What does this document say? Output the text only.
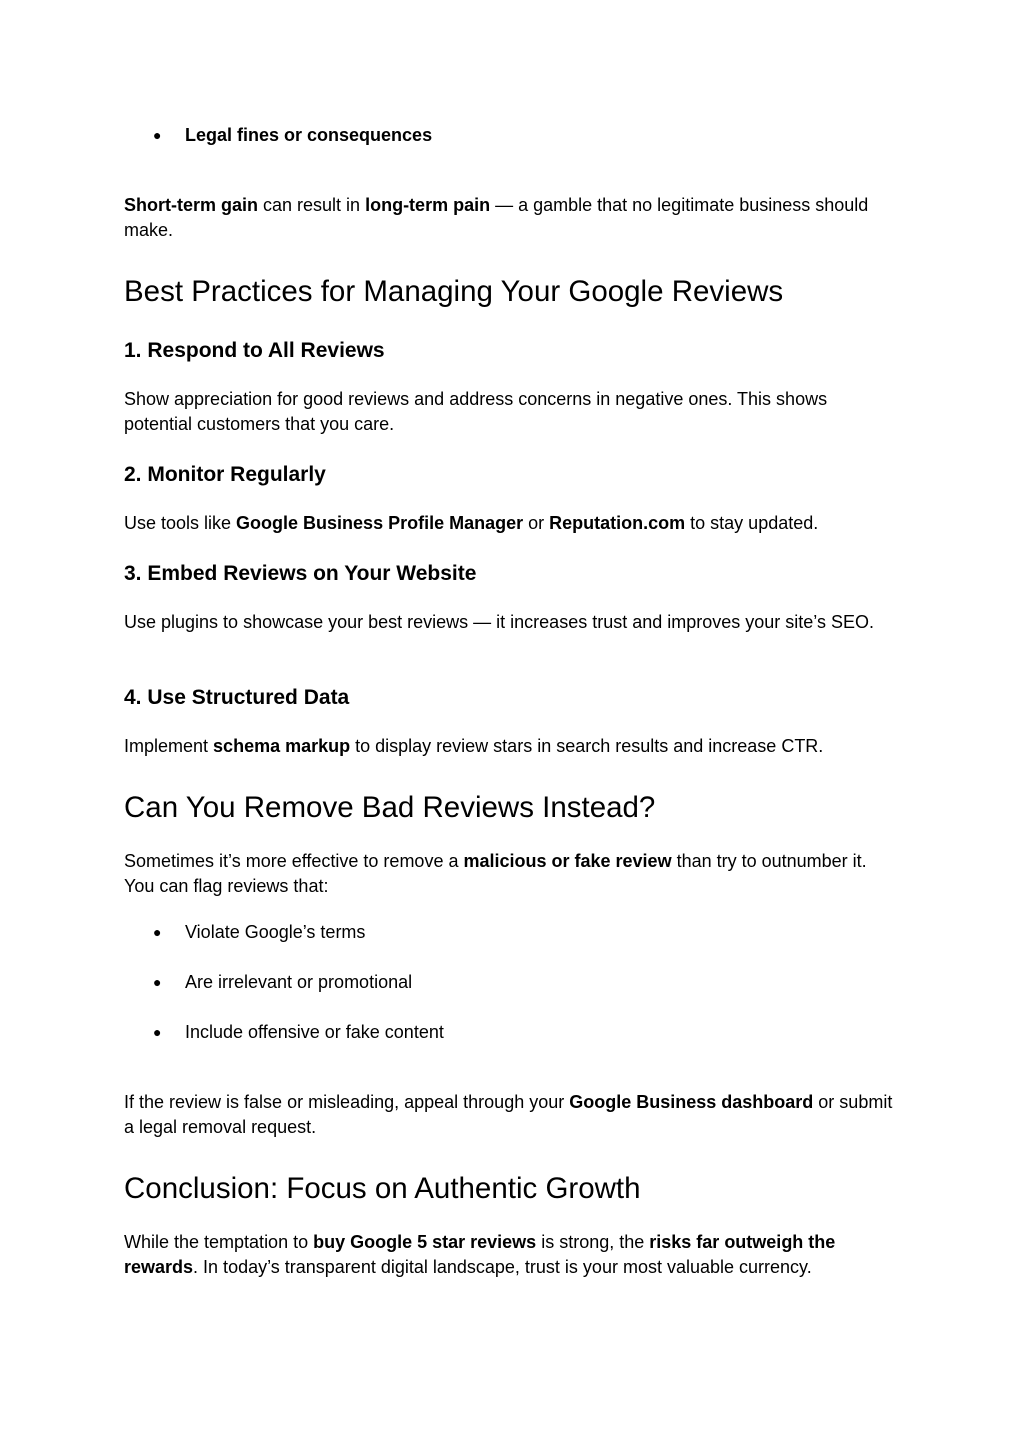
●	Legal fines or consequences

Short-term gain can result in long-term pain — a gamble that no legitimate business should make.

Best Practices for Managing Your Google Reviews
1. Respond to All Reviews

Show appreciation for good reviews and address concerns in negative ones. This shows potential customers that you care.

2. Monitor Regularly

Use tools like Google Business Profile Manager or Reputation.com to stay updated.

3. Embed Reviews on Your Website

Use plugins to showcase your best reviews — it increases trust and improves your site’s SEO.

4. Use Structured Data

Implement schema markup to display review stars in search results and increase CTR.

Can You Remove Bad Reviews Instead?

Sometimes it’s more effective to remove a malicious or fake review than try to outnumber it. You can flag reviews that:

●	Violate Google’s terms
●	Are irrelevant or promotional
●	Include offensive or fake content

If the review is false or misleading, appeal through your Google Business dashboard or submit a legal removal request.

Conclusion: Focus on Authentic Growth

While the temptation to buy Google 5 star reviews is strong, the risks far outweigh the rewards. In today’s transparent digital landscape, trust is your most valuable currency.
